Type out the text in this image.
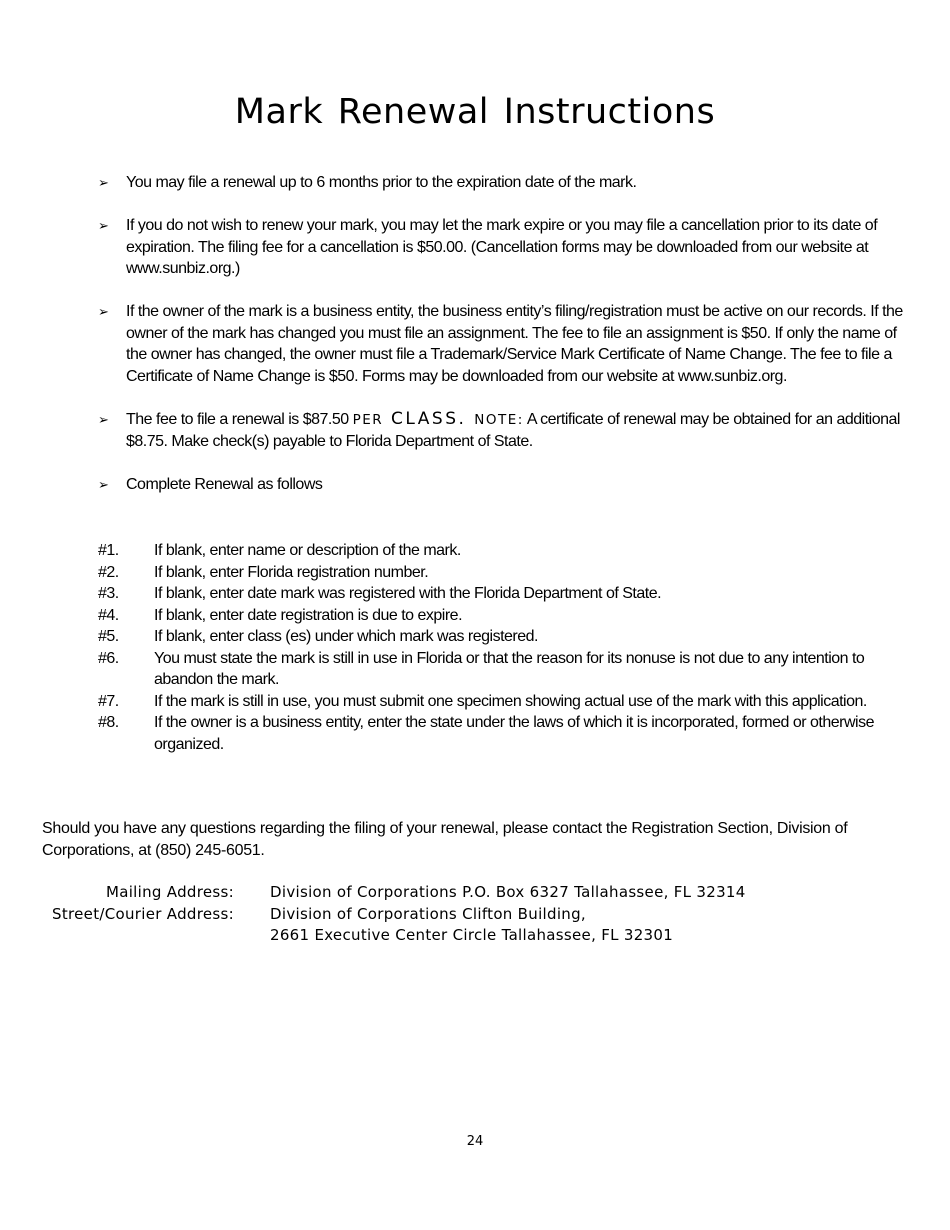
Mark Renewal Instructions
➢ You may file a renewal up to 6 months prior to the expiration date of the mark.
➢ If you do not wish to renew your mark, you may let the mark expire or you may file a cancellation prior to its date of expiration. The filing fee for a cancellation is $50.00. (Cancellation forms may be downloaded from our website at www.sunbiz.org.)
➢ If the owner of the mark is a business entity, the business entity’s filing/registration must be active on our records. If the owner of the mark has changed you must file an assignment. The fee to file an assignment is $50. If only the name of the owner has changed, the owner must file a Trademark/Service Mark Certificate of Name Change. The fee to file a Certificate of Name Change is $50. Forms may be downloaded from our website at www.sunbiz.org.
➢ The fee to file a renewal is $87.50 PER CLASS. NOTE: A certificate of renewal may be obtained for an additional $8.75. Make check(s) payable to Florida Department of State.
➢ Complete Renewal as follows
#1. If blank, enter name or description of the mark.
#2. If blank, enter Florida registration number.
#3. If blank, enter date mark was registered with the Florida Department of State.
#4. If blank, enter date registration is due to expire.
#5. If blank, enter class (es) under which mark was registered.
#6. You must state the mark is still in use in Florida or that the reason for its nonuse is not due to any intention to abandon the mark.
#7. If the mark is still in use, you must submit one specimen showing actual use of the mark with this application.
#8. If the owner is a business entity, enter the state under the laws of which it is incorporated, formed or otherwise organized.
Should you have any questions regarding the filing of your renewal, please contact the Registration Section, Division of Corporations, at (850) 245-6051.
Mailing Address: Division of Corporations P.O. Box 6327 Tallahassee, FL 32314
Street/Courier Address: Division of Corporations Clifton Building,
2661 Executive Center Circle Tallahassee, FL 32301
24
